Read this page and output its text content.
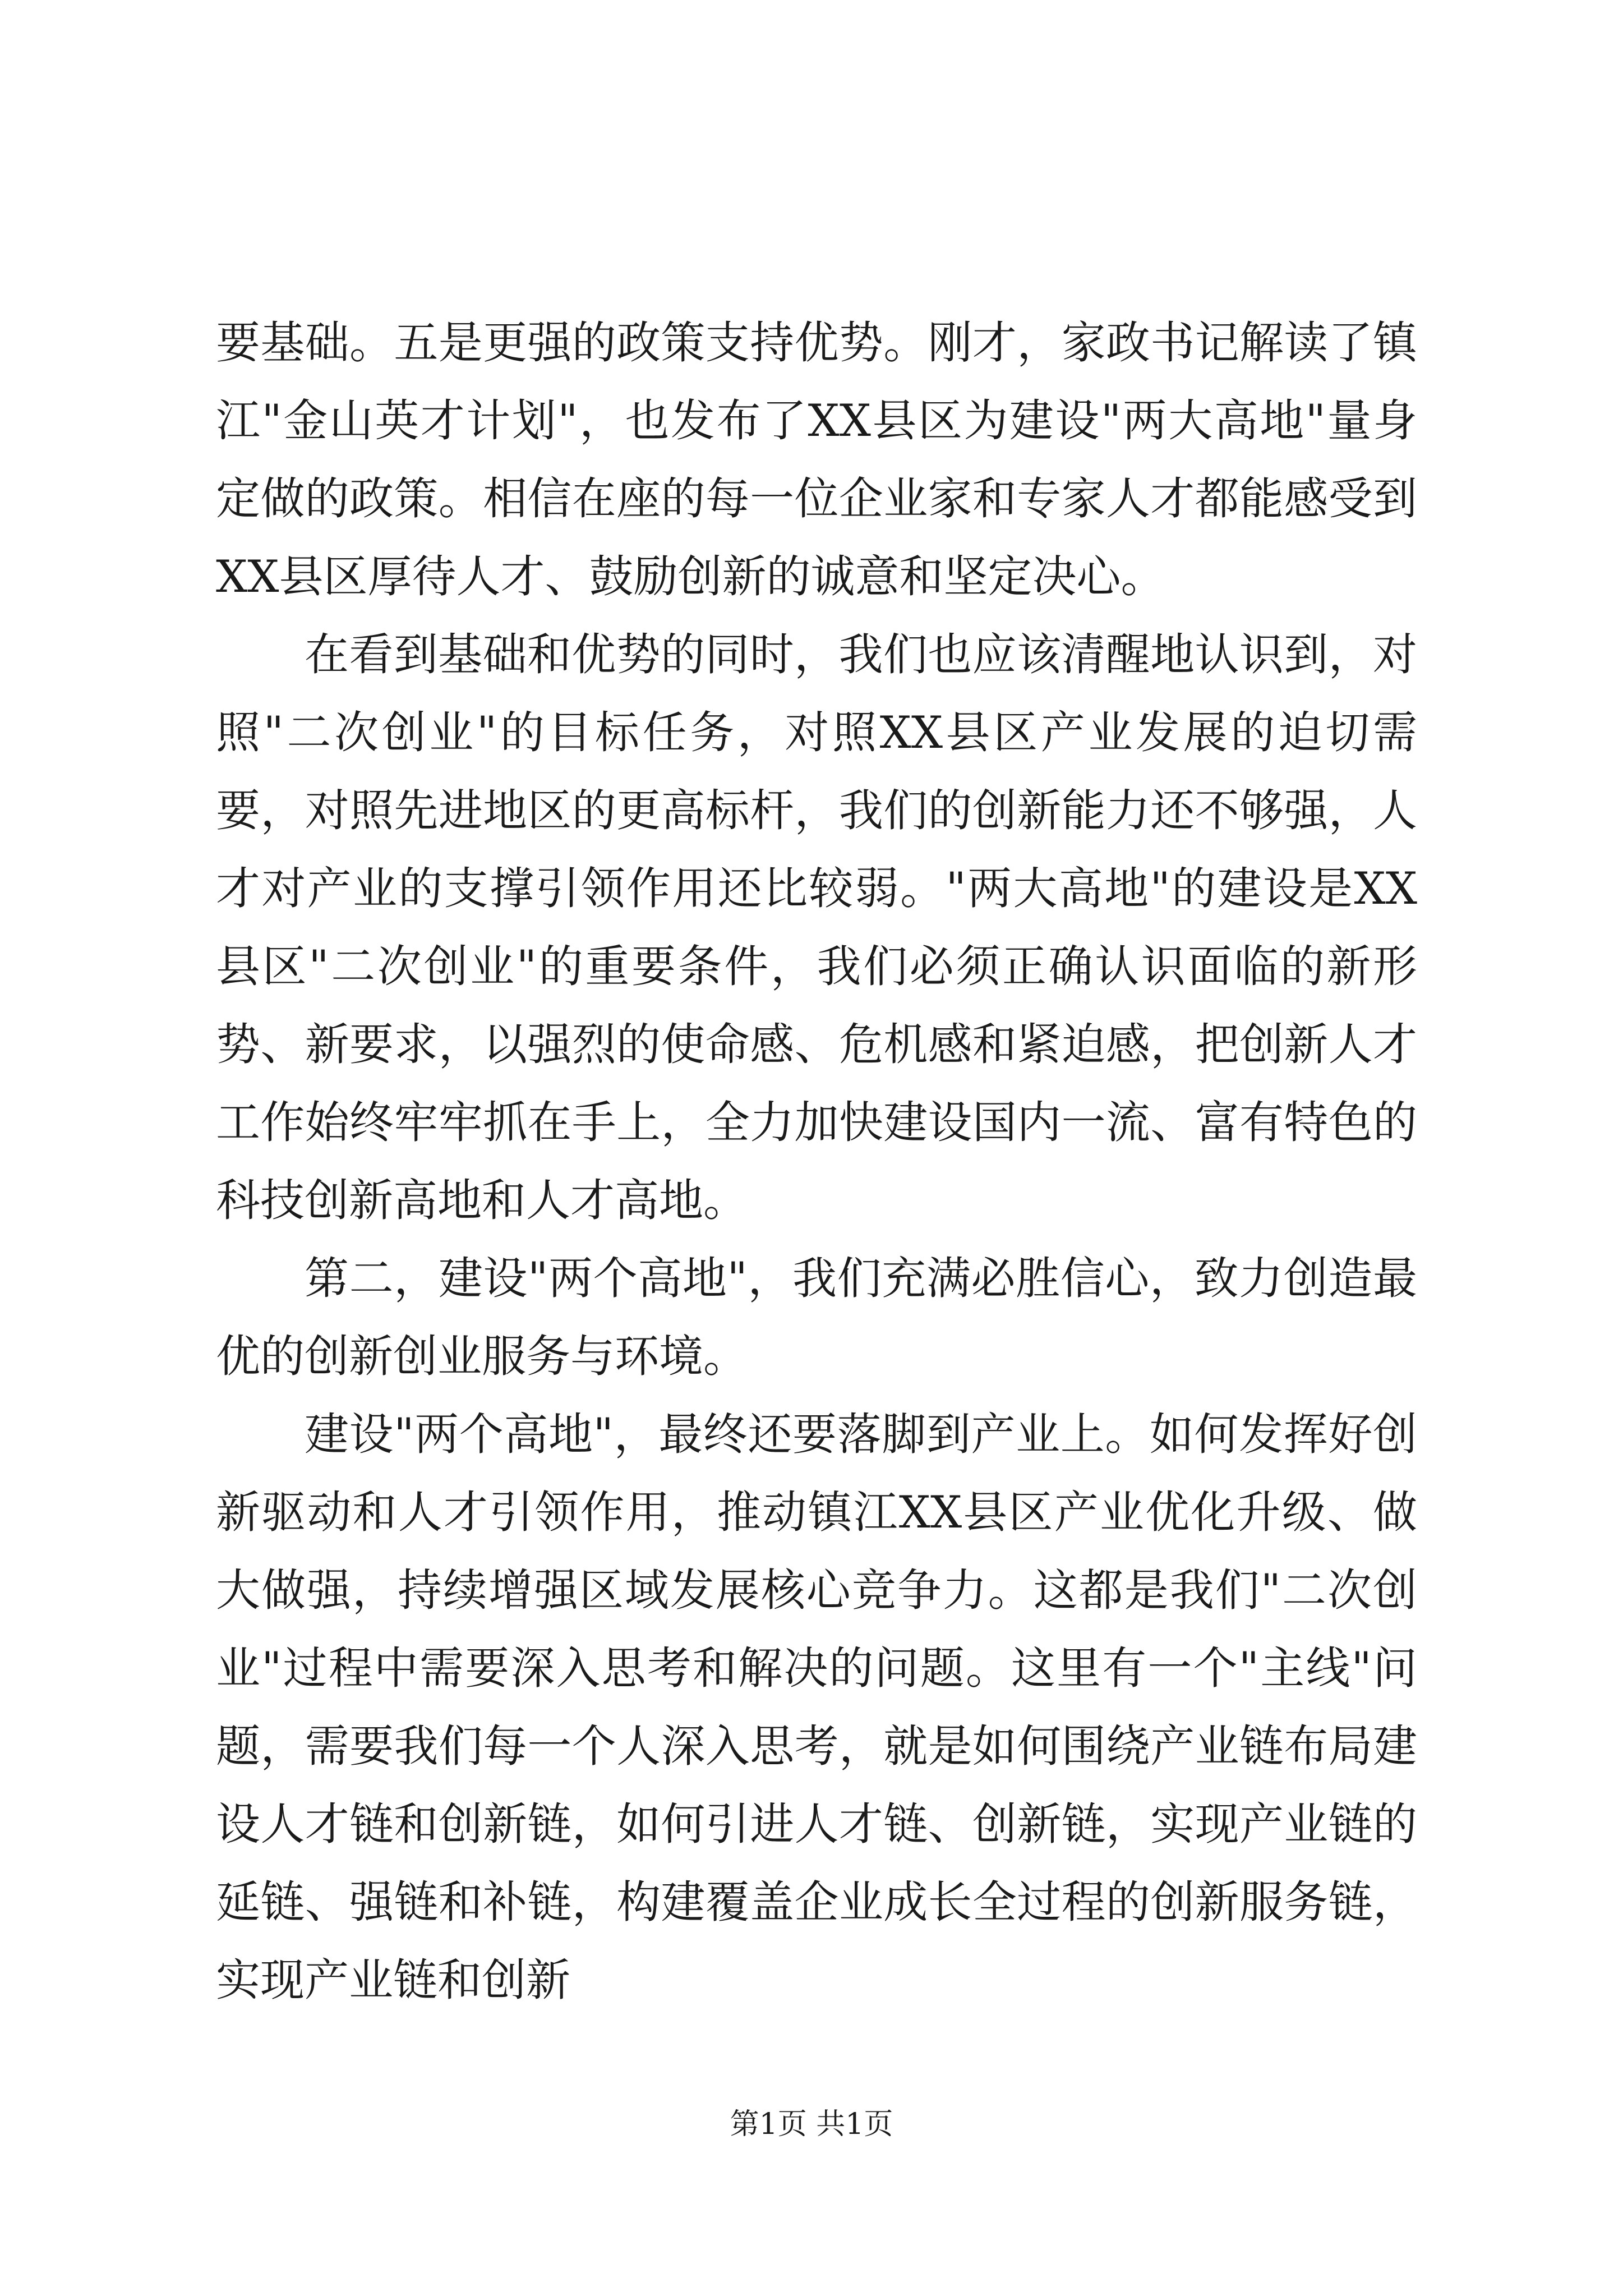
要基础。五是更强的政策支持优势。刚才，家政书记解读了镇江"金山英才计划"，也发布了XX县区为建设"两大高地"量身定做的政策。相信在座的每一位企业家和专家人才都能感受到XX县区厚待人才、鼓励创新的诚意和坚定决心。

在看到基础和优势的同时，我们也应该清醒地认识到，对照"二次创业"的目标任务，对照XX县区产业发展的迫切需要，对照先进地区的更高标杆，我们的创新能力还不够强，人才对产业的支撑引领作用还比较弱。"两大高地"的建设是XX县区"二次创业"的重要条件，我们必须正确认识面临的新形势、新要求，以强烈的使命感、危机感和紧迫感，把创新人才工作始终牢牢抓在手上，全力加快建设国内一流、富有特色的科技创新高地和人才高地。

第二，建设"两个高地"，我们充满必胜信心，致力创造最优的创新创业服务与环境。

建设"两个高地"，最终还要落脚到产业上。如何发挥好创新驱动和人才引领作用，推动镇江XX县区产业优化升级、做大做强，持续增强区域发展核心竞争力。这都是我们"二次创业"过程中需要深入思考和解决的问题。这里有一个"主线"问题，需要我们每一个人深入思考，就是如何围绕产业链布局建设人才链和创新链，如何引进人才链、创新链，实现产业链的延链、强链和补链，构建覆盖企业成长全过程的创新服务链，实现产业链和创新

第1页 共1页
